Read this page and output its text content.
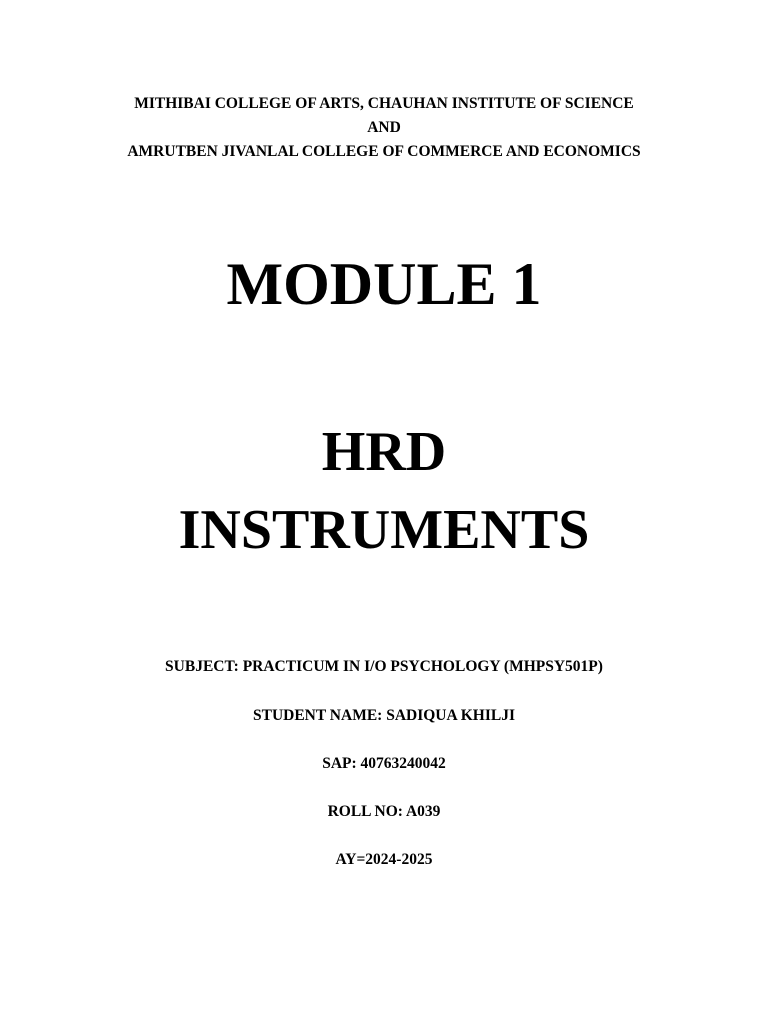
MITHIBAI COLLEGE OF ARTS, CHAUHAN INSTITUTE OF SCIENCE
AND
AMRUTBEN JIVANLAL COLLEGE OF COMMERCE AND ECONOMICS
MODULE 1
HRD
INSTRUMENTS
SUBJECT: PRACTICUM IN I/O PSYCHOLOGY (MHPSY501P)
STUDENT NAME: SADIQUA KHILJI
SAP: 40763240042
ROLL NO: A039
AY=2024-2025
